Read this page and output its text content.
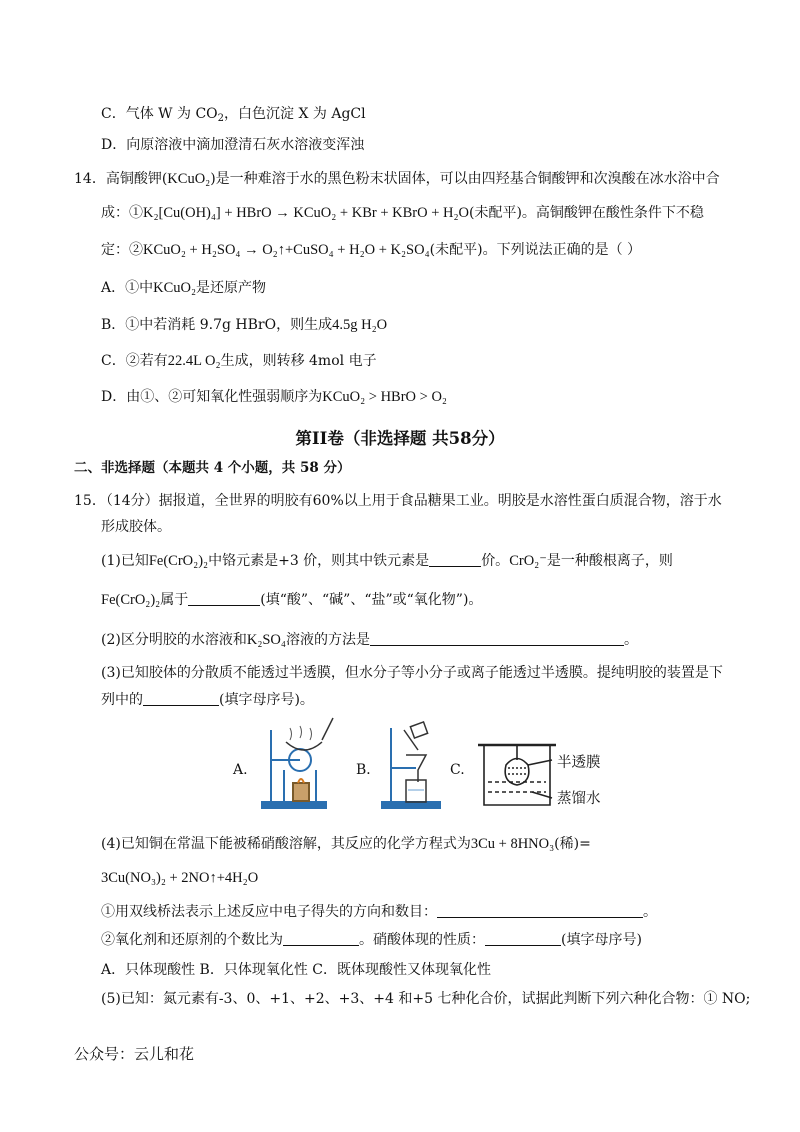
C．气体 W 为 $CO_2$，白色沉淀 X 为 AgCl
D．向原溶液中滴加澄清石灰水溶液变浑浊
14．高铜酸钾(KCuO₂)是一种难溶于水的黑色粉末状固体，可以由四羟基合铜酸钾和次溴酸在冰水浴中合
成：①K₂[Cu(OH)₄] + HBrO → KCuO₂ + KBr + KBrO + H₂O(未配平)。高铜酸钾在酸性条件下不稳
定：②KCuO₂ + H₂SO₄ → O₂↑+CuSO₄ + H₂O + K₂SO₄(未配平)。下列说法正确的是（ ）
A．①中KCuO₂是还原产物
B．①中若消耗 9.7g HBrO，则生成4.5g H₂O
C．②若有22.4L O₂生成，则转移 4mol 电子
D．由①、②可知氧化性强弱顺序为KCuO₂ > HBrO > O₂
第II卷（非选择题 共58分）
二、非选择题（本题共 4 个小题，共 58 分）
15．（14分）据报道，全世界的明胶有60%以上用于食品糖果工业。明胶是水溶性蛋白质混合物，溶于水
形成胶体。
(1)已知Fe(CrO₂)₂中铬元素是+3 价，则其中铁元素是	价。CrO₂⁻是一种酸根离子，则
Fe(CrO₂)₂属于	(填“酸”、“碱”、“盐”或“氧化物”)。
(2)区分明胶的水溶液和K₂SO₄溶液的方法是	。
(3)已知胶体的分散质不能透过半透膜，但水分子等小分子或离子能透过半透膜。提纯明胶的装置是下
列中的	(填字母序号)。
A.	B．	C.	半透膜
蒸馏水
(4)已知铜在常温下能被稀硝酸溶解，其反应的化学方程式为3Cu + 8HNO₃(稀)=
3Cu(NO₃)₂ + 2NO↑+4H₂O
①用双线桥法表示上述反应中电子得失的方向和数目：	。
②氧化剂和还原剂的个数比为	。硝酸体现的性质：	(填字母序号)
A．只体现酸性 B．只体现氧化性 C．既体现酸性又体现氧化性
(5)已知：氮元素有-3、0、+1、+2、+3、+4 和+5 七种化合价，试据此判断下列六种化合物：① NO;
公众号：云儿和花
